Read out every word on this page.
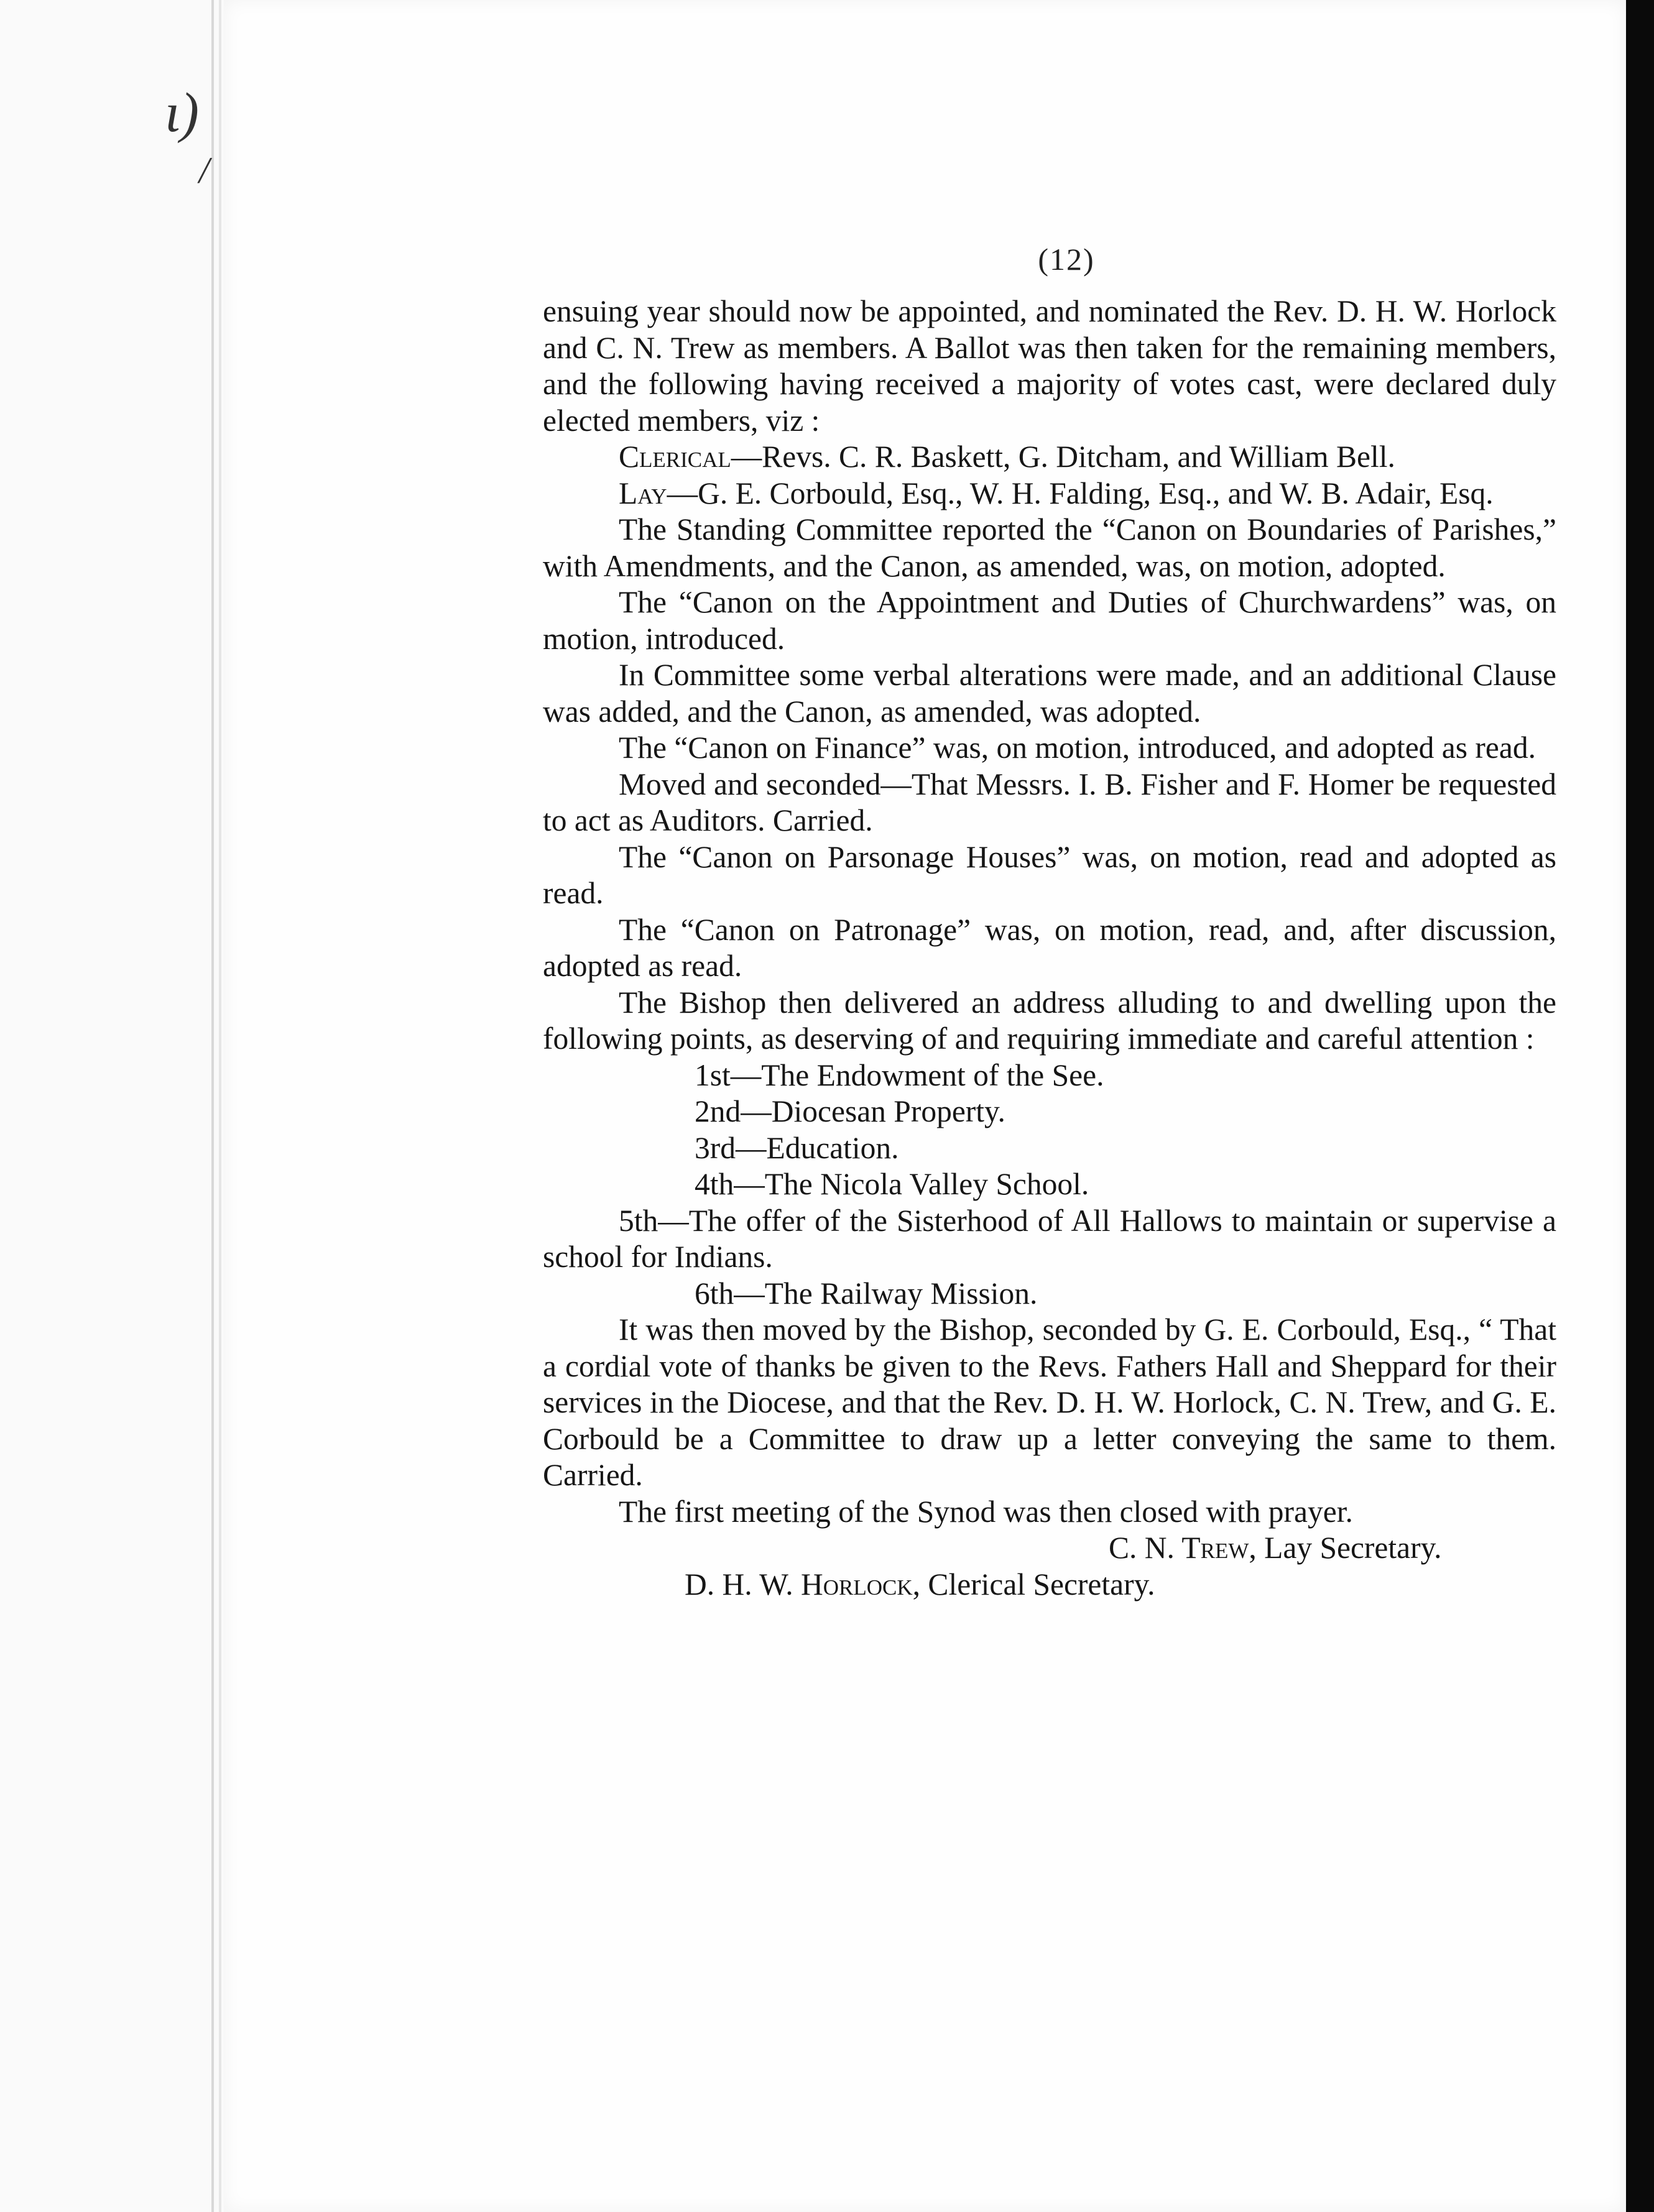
ɩ)
/
(12)

ensuing year should now be appointed, and nominated the Rev. D. H. W. Horlock and C. N. Trew as members. A Ballot was then taken for the remaining members, and the following having received a majority of votes cast, were declared duly elected members, viz :

Clerical—Revs. C. R. Baskett, G. Ditcham, and William Bell.

Lay—G. E. Corbould, Esq., W. H. Falding, Esq., and W. B. Adair, Esq.

The Standing Committee reported the “Canon on Boundaries of Parishes,” with Amendments, and the Canon, as amended, was, on motion, adopted.

The “Canon on the Appointment and Duties of Churchwardens” was, on motion, introduced.

In Committee some verbal alterations were made, and an additional Clause was added, and the Canon, as amended, was adopted.

The “Canon on Finance” was, on motion, introduced, and adopted as read.

Moved and seconded—That Messrs. I. B. Fisher and F. Homer be requested to act as Auditors. Carried.

The “Canon on Parsonage Houses” was, on motion, read and adopted as read.

The “Canon on Patronage” was, on motion, read, and, after discussion, adopted as read.

The Bishop then delivered an address alluding to and dwelling upon the following points, as deserving of and requiring immediate and careful attention :

1st—The Endowment of the See.

2nd—Diocesan Property.

3rd—Education.

4th—The Nicola Valley School.

5th—The offer of the Sisterhood of All Hallows to maintain or supervise a school for Indians.

6th—The Railway Mission.

It was then moved by the Bishop, seconded by G. E. Corbould, Esq., “ That a cordial vote of thanks be given to the Revs. Fathers Hall and Sheppard for their services in the Diocese, and that the Rev. D. H. W. Horlock, C. N. Trew, and G. E. Corbould be a Committee to draw up a letter conveying the same to them. Carried.

The first meeting of the Synod was then closed with prayer.

C. N. Trew, Lay Secretary.

D. H. W. Horlock, Clerical Secretary.
